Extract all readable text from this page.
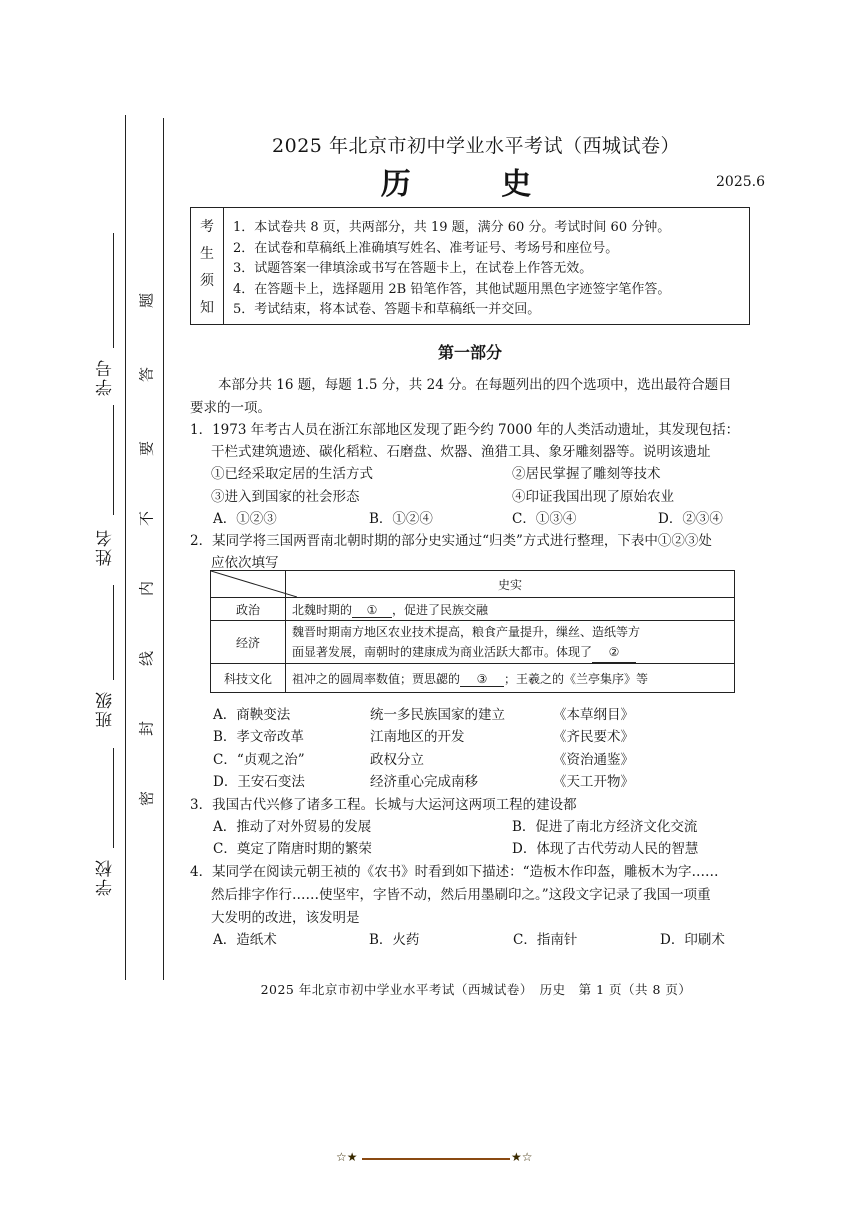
学校
班级
姓名
学号
密
封
线
内
不
要
答
题
2025 年北京市初中学业水平考试（西城试卷）
历 史	2025.6
考
生
须
知
1．本试卷共 8 页，共两部分，共 19 题，满分 60 分。考试时间 60 分钟。
2．在试卷和草稿纸上准确填写姓名、准考证号、考场号和座位号。
3．试题答案一律填涂或书写在答题卡上，在试卷上作答无效。
4．在答题卡上，选择题用 2B 铅笔作答，其他试题用黑色字迹签字笔作答。
5．考试结束，将本试卷、答题卡和草稿纸一并交回。
第一部分
本部分共 16 题，每题 1.5 分，共 24 分。在每题列出的四个选项中，选出最符合题目
要求的一项。
1．1973 年考古人员在浙江东部地区发现了距今约 7000 年的人类活动遗址，其发现包括：
干栏式建筑遗迹、碳化稻粒、石磨盘、炊器、渔猎工具、象牙雕刻器等。说明该遗址
①已经采取定居的生活方式	②居民掌握了雕刻等技术
③进入到国家的社会形态	④印证我国出现了原始农业
A．①②③	B．①②④	C．①③④	D．②③④
2．某同学将三国两晋南北朝时期的部分史实通过“归类”方式进行整理，下表中①②③处
应依次填写
	史实
政治	北魏时期的 ① ，促进了民族交融
经济	魏晋时期南方地区农业技术提高，粮食产量提升，缫丝、造纸等方
面显著发展，南朝时的建康成为商业活跃大都市。体现了 ②

科技文化	祖冲之的圆周率数值；贾思勰的 ③ ；王羲之的《兰亭集序》等
A．商鞅变法	统一多民族国家的建立	《本草纲目》
B．孝文帝改革	江南地区的开发	《齐民要术》
C．“贞观之治”	政权分立	《资治通鉴》
D．王安石变法	经济重心完成南移	《天工开物》
3．我国古代兴修了诸多工程。长城与大运河这两项工程的建设都
A．推动了对外贸易的发展	B．促进了南北方经济文化交流
C．奠定了隋唐时期的繁荣	D．体现了古代劳动人民的智慧
4．某同学在阅读元朝王祯的《农书》时看到如下描述：“造板木作印盔，雕板木为字……
然后排字作行……使坚牢，字皆不动，然后用墨刷印之。”这段文字记录了我国一项重
大发明的改进，该发明是
A．造纸术	B．火药	C．指南针	D．印刷术
2025 年北京市初中学业水平考试（西城试卷）　历史　第 1 页（共 8 页）
☆★	★☆
